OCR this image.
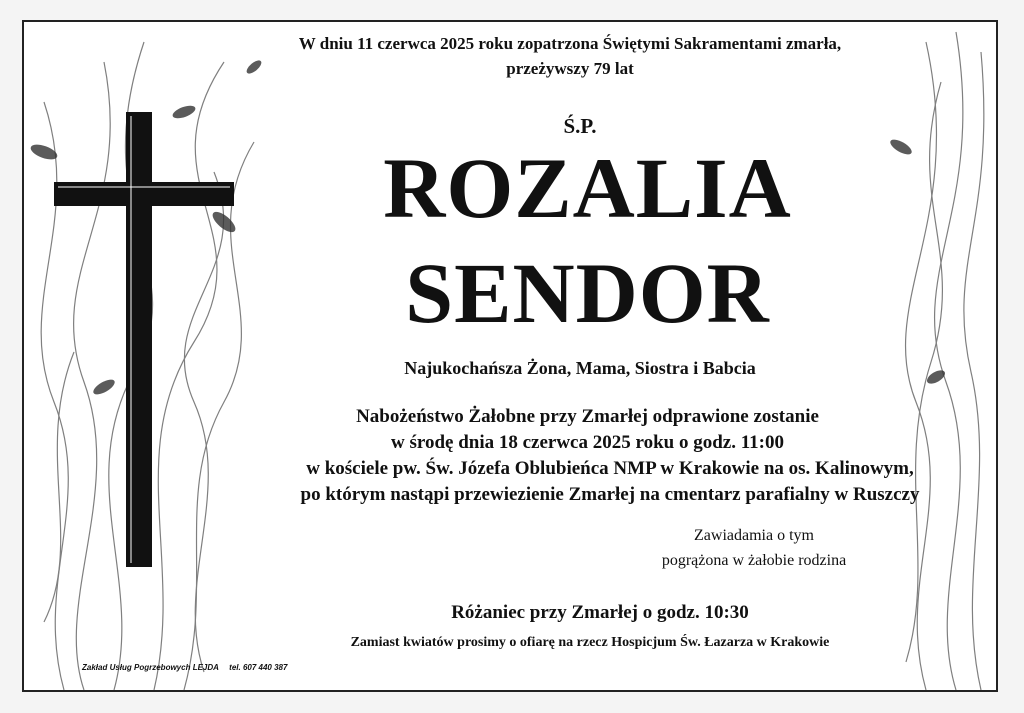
W dniu 11 czerwca 2025 roku zopatrzona Świętymi Sakramentami zmarła,
przeżywszy 79 lat
Ś.P.
ROZALIA
SENDOR
Najukochańsza Żona, Mama, Siostra i Babcia
Nabożeństwo Żałobne przy Zmarłej odprawione zostanie
w środę dnia 18 czerwca 2025 roku o godz. 11:00
w kościele pw. Św. Józefa Oblubieńca NMP w Krakowie na os. Kalinowym,
po którym nastąpi przewiezienie Zmarłej na cmentarz parafialny w Ruszczy
Zawiadamia o tym
pogrążona w żałobie rodzina
Różaniec przy Zmarłej o godz. 10:30
Zamiast kwiatów prosimy o ofiarę na rzecz Hospicjum Św. Łazarza w Krakowie
Zakład Usług Pogrzebowych LEJDA tel. 607 440 387
